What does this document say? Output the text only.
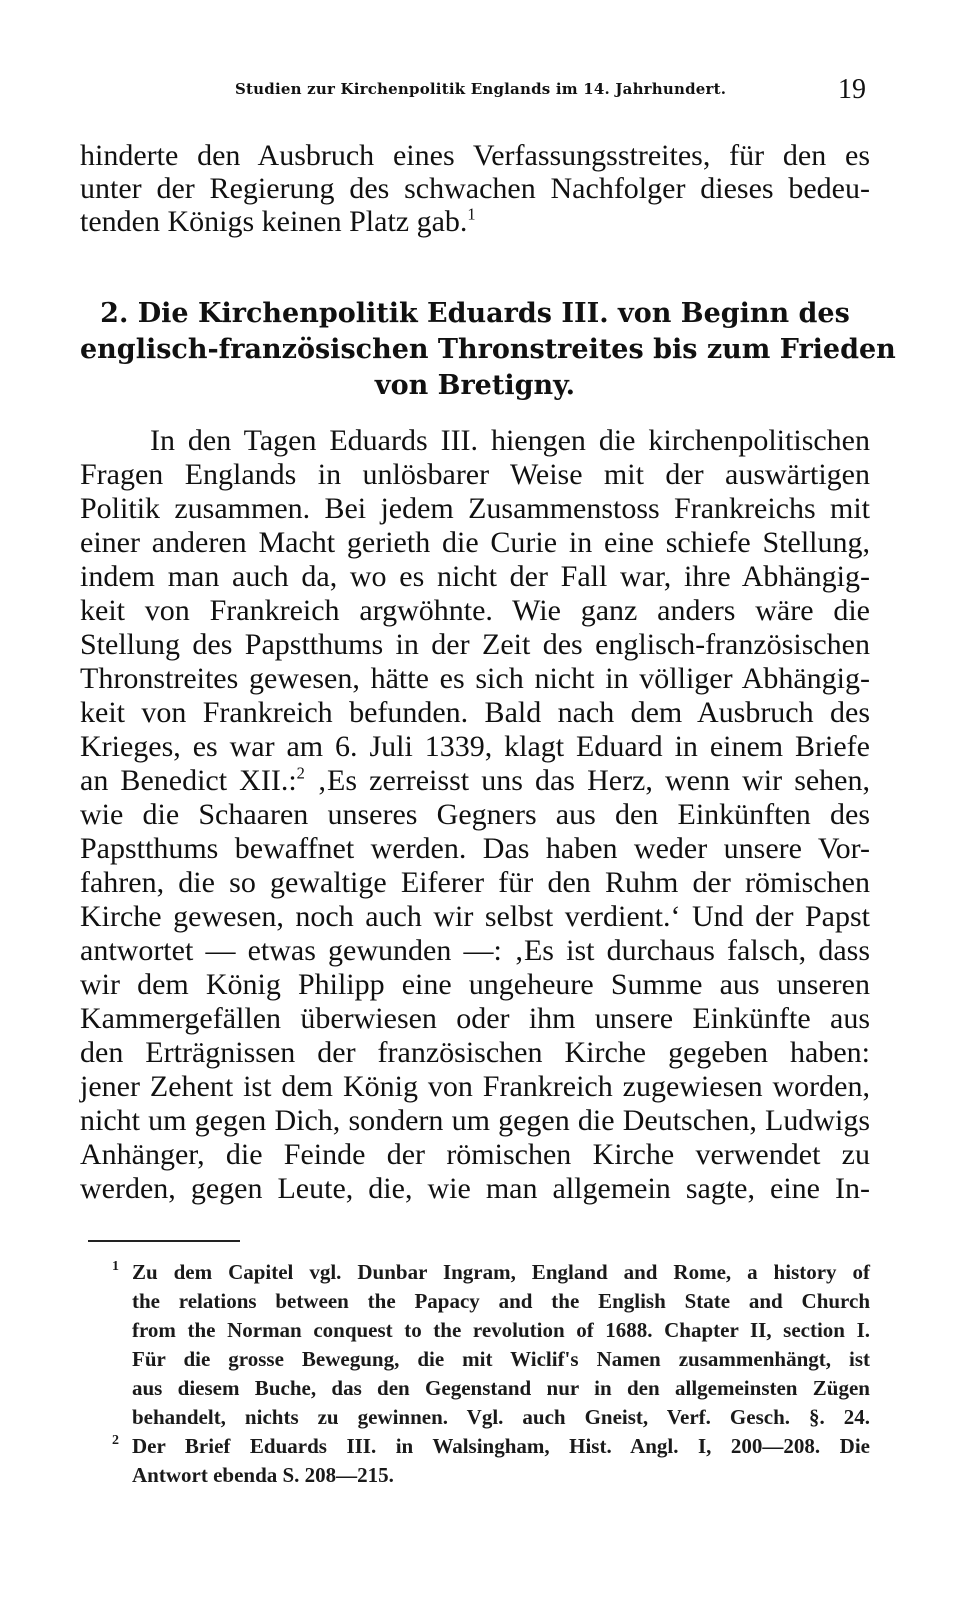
Studien zur Kirchenpolitik Englands im 14. Jahrhundert.	19
hinderte den Ausbruch eines Verfassungsstreites, für den es
unter der Regierung des schwachen Nachfolger dieses bedeu-
tenden Königs keinen Platz gab.$^1$
2. Die Kirchenpolitik Eduards III. von Beginn des
englisch-französischen Thronstreites bis zum Frieden
von Bretigny.
In den Tagen Eduards III. hiengen die kirchenpolitischen
Fragen Englands in unlösbarer Weise mit der auswärtigen
Politik zusammen. Bei jedem Zusammenstoss Frankreichs mit
einer anderen Macht gerieth die Curie in eine schiefe Stellung,
indem man auch da, wo es nicht der Fall war, ihre Abhängig-
keit von Frankreich argwöhnte. Wie ganz anders wäre die
Stellung des Papstthums in der Zeit des englisch-französischen
Thronstreites gewesen, hätte es sich nicht in völliger Abhängig-
keit von Frankreich befunden. Bald nach dem Ausbruch des
Krieges, es war am 6. Juli 1339, klagt Eduard in einem Briefe
an Benedict XII.:$^2$ ‚Es zerreisst uns das Herz, wenn wir sehen,
wie die Schaaren unseres Gegners aus den Einkünften des
Papstthums bewaffnet werden. Das haben weder unsere Vor-
fahren, die so gewaltige Eiferer für den Ruhm der römischen
Kirche gewesen, noch auch wir selbst verdient.‘ Und der Papst
antwortet — etwas gewunden —: ‚Es ist durchaus falsch, dass
wir dem König Philipp eine ungeheure Summe aus unseren
Kammergefällen überwiesen oder ihm unsere Einkünfte aus
den Erträgnissen der französischen Kirche gegeben haben:
jener Zehent ist dem König von Frankreich zugewiesen worden,
nicht um gegen Dich, sondern um gegen die Deutschen, Ludwigs
Anhänger, die Feinde der römischen Kirche verwendet zu
werden, gegen Leute, die, wie man allgemein sagte, eine In-
1 Zu dem Capitel vgl. Dunbar Ingram, England and Rome, a history of
the relations between the Papacy and the English State and Church
from the Norman conquest to the revolution of 1688. Chapter II, section I.
Für die grosse Bewegung, die mit Wiclif's Namen zusammenhängt, ist
aus diesem Buche, das den Gegenstand nur in den allgemeinsten Zügen
behandelt, nichts zu gewinnen. Vgl. auch Gneist, Verf. Gesch. §. 24.
2 Der Brief Eduards III. in Walsingham, Hist. Angl. I, 200—208. Die
Antwort ebenda S. 208—215.
